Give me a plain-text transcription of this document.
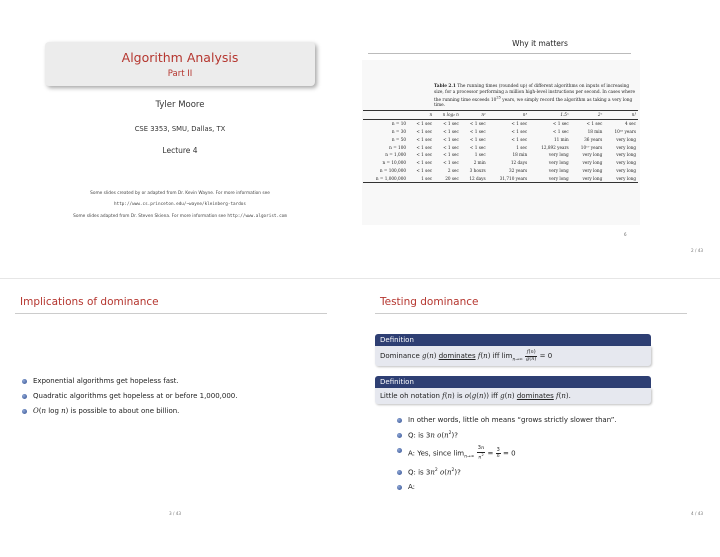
Algorithm Analysis
Part II
Tyler Moore
CSE 3353, SMU, Dallas, TX
Lecture 4
Some slides created by or adapted from Dr. Kevin Wayne. For more information see
http://www.cs.princeton.edu/~wayne/kleinberg-tardos
Some slides adapted from Dr. Steven Skiena. For more information see http://www.algorist.com
Why it matters
Table 2.1 The running times (rounded up) of different algorithms on inputs of increasing size, for a processor performing a million high-level instructions per second. In cases where the running time exceeds $10^{25}$ years, we simply record the algorithm as taking a very long time.
	n	n log₂ n	n²	n³	1.5ⁿ	2ⁿ	n!
n = 10	< 1 sec	< 1 sec	< 1 sec	< 1 sec	< 1 sec	< 1 sec	4 sec
n = 30	< 1 sec	< 1 sec	< 1 sec	< 1 sec	< 1 sec	18 min	10²⁵ years
n = 50	< 1 sec	< 1 sec	< 1 sec	< 1 sec	11 min	36 years	very long
n = 100	< 1 sec	< 1 sec	< 1 sec	1 sec	12,892 years	10¹⁷ years	very long
n = 1,000	< 1 sec	< 1 sec	1 sec	18 min	very long	very long	very long
n = 10,000	< 1 sec	< 1 sec	2 min	12 days	very long	very long	very long
n = 100,000	< 1 sec	2 sec	3 hours	32 years	very long	very long	very long
n = 1,000,000	1 sec	20 sec	12 days	31,710 years	very long	very long	very long
6
2 / 43
Implications of dominance
Exponential algorithms get hopeless fast.
Quadratic algorithms get hopeless at or before 1,000,000.
O(n log n) is possible to about one billion.
3 / 43
Testing dominance
Definition
Dominance g(n) dominates f(n) iff $\lim_{n\to\infty} \frac{f(n)}{g(n)} = 0$
Definition
Little oh notation f(n) is o(g(n)) iff g(n) dominates f(n).
In other words, little oh means “grows strictly slower than”.
Q: is 3n $o(n^2)$?
A: Yes, since $\lim_{n\to\infty} \frac{3n}{n^2} = \frac{3}{n} = 0$
Q: is $3n^2$ $o(n^2)$?
A:
4 / 43
